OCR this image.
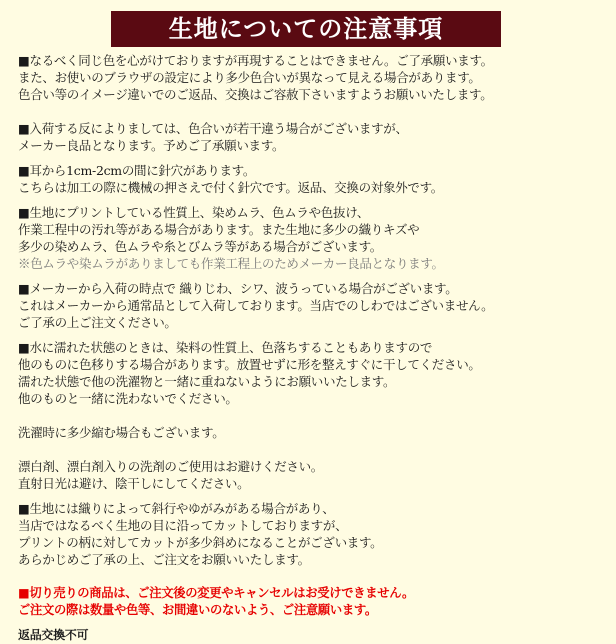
生地についての注意事項
■なるべく同じ色を心がけておりますが再現することはできません。ご了承願います。
また、お使いのブラウザの設定により多少色合いが異なって見える場合があります。
色合い等のイメージ違いでのご返品、交換はご容赦下さいますようお願いいたします。
■入荷する反によりましては、色合いが若干違う場合がございますが、
メーカー良品となります。予めご了承願います。
■耳から1cm-2cmの間に針穴があります。
こちらは加工の際に機械の押さえで付く針穴です。返品、交換の対象外です。
■生地にプリントしている性質上、染めムラ、色ムラや色抜け、
作業工程中の汚れ等がある場合があります。また生地に多少の織りキズや
多少の染めムラ、色ムラや糸とびムラ等がある場合がございます。
※色ムラや染ムラがありましても作業工程上のためメーカー良品となります。
■メーカーから入荷の時点で 織りじわ、シワ、波うっている場合がございます。
これはメーカーから通常品として入荷しております。当店でのしわではございません。
ご了承の上ご注文ください。
■水に濡れた状態のときは、染料の性質上、色落ちすることもありますので
他のものに色移りする場合があります。放置せずに形を整えすぐに干してください。
濡れた状態で他の洗濯物と一緒に重ねないようにお願いいたします。
他のものと一緒に洗わないでください。
洗濯時に多少縮む場合もございます。
漂白剤、漂白剤入りの洗剤のご使用はお避けください。
直射日光は避け、陰干しにしてください。
■生地には織りによって斜行やゆがみがある場合があり、
当店ではなるべく生地の目に沿ってカットしておりますが、
プリントの柄に対してカットが多少斜めになることがございます。
あらかじめご了承の上、ご注文をお願いいたします。
■切り売りの商品は、ご注文後の変更やキャンセルはお受けできません。
ご注文の際は数量や色等、お間違いのないよう、ご注意願います。
返品交換不可
